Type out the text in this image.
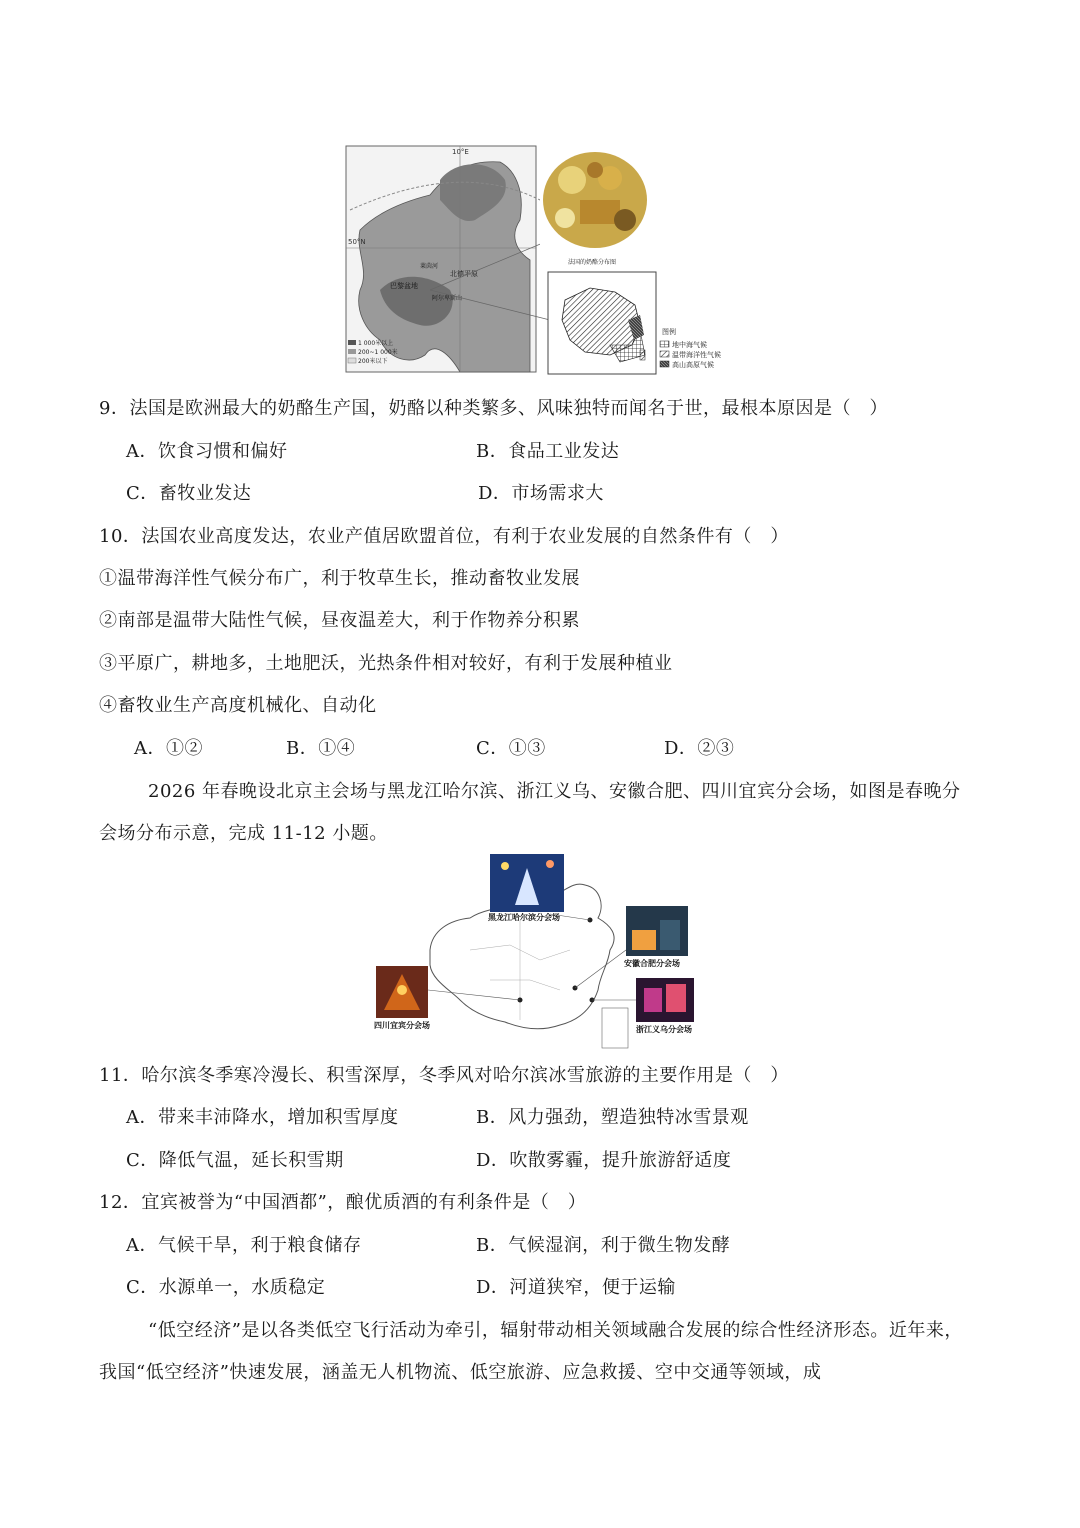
10°E
50°N
巴黎盆地
北德平原
莱茵河
阿尔卑斯山
1 000米以上
200~1 000米
200米以下
法国的奶酪分布图
图例
地中海气候
温带海洋性气候
高山高原气候
9．法国是欧洲最大的奶酪生产国，奶酪以种类繁多、风味独特而闻名于世，最根本原因是（　）
A．饮食习惯和偏好	B．食品工业发达
C．畜牧业发达	D．市场需求大
10．法国农业高度发达，农业产值居欧盟首位，有利于农业发展的自然条件有（　）
①温带海洋性气候分布广，利于牧草生长，推动畜牧业发展
②南部是温带大陆性气候，昼夜温差大，利于作物养分积累
③平原广，耕地多，土地肥沃，光热条件相对较好，有利于发展种植业
④畜牧业生产高度机械化、自动化
A．①②	B．①④	C．①③	D．②③
2026 年春晚设北京主会场与黑龙江哈尔滨、浙江义乌、安徽合肥、四川宜宾分会场，如图是春晚分
会场分布示意，完成 11-12 小题。
黑龙江哈尔滨分会场
安徽合肥分会场
四川宜宾分会场	浙江义乌分会场
11．哈尔滨冬季寒冷漫长、积雪深厚，冬季风对哈尔滨冰雪旅游的主要作用是（　）
A．带来丰沛降水，增加积雪厚度	B．风力强劲，塑造独特冰雪景观
C．降低气温，延长积雪期	D．吹散雾霾，提升旅游舒适度
12．宜宾被誉为“中国酒都”，酿优质酒的有利条件是（　）
A．气候干旱，利于粮食储存	B．气候湿润，利于微生物发酵
C．水源单一，水质稳定	D．河道狭窄，便于运输
“低空经济”是以各类低空飞行活动为牵引，辐射带动相关领域融合发展的综合性经济形态。近年来，
我国“低空经济”快速发展，涵盖无人机物流、低空旅游、应急救援、空中交通等领域，成
